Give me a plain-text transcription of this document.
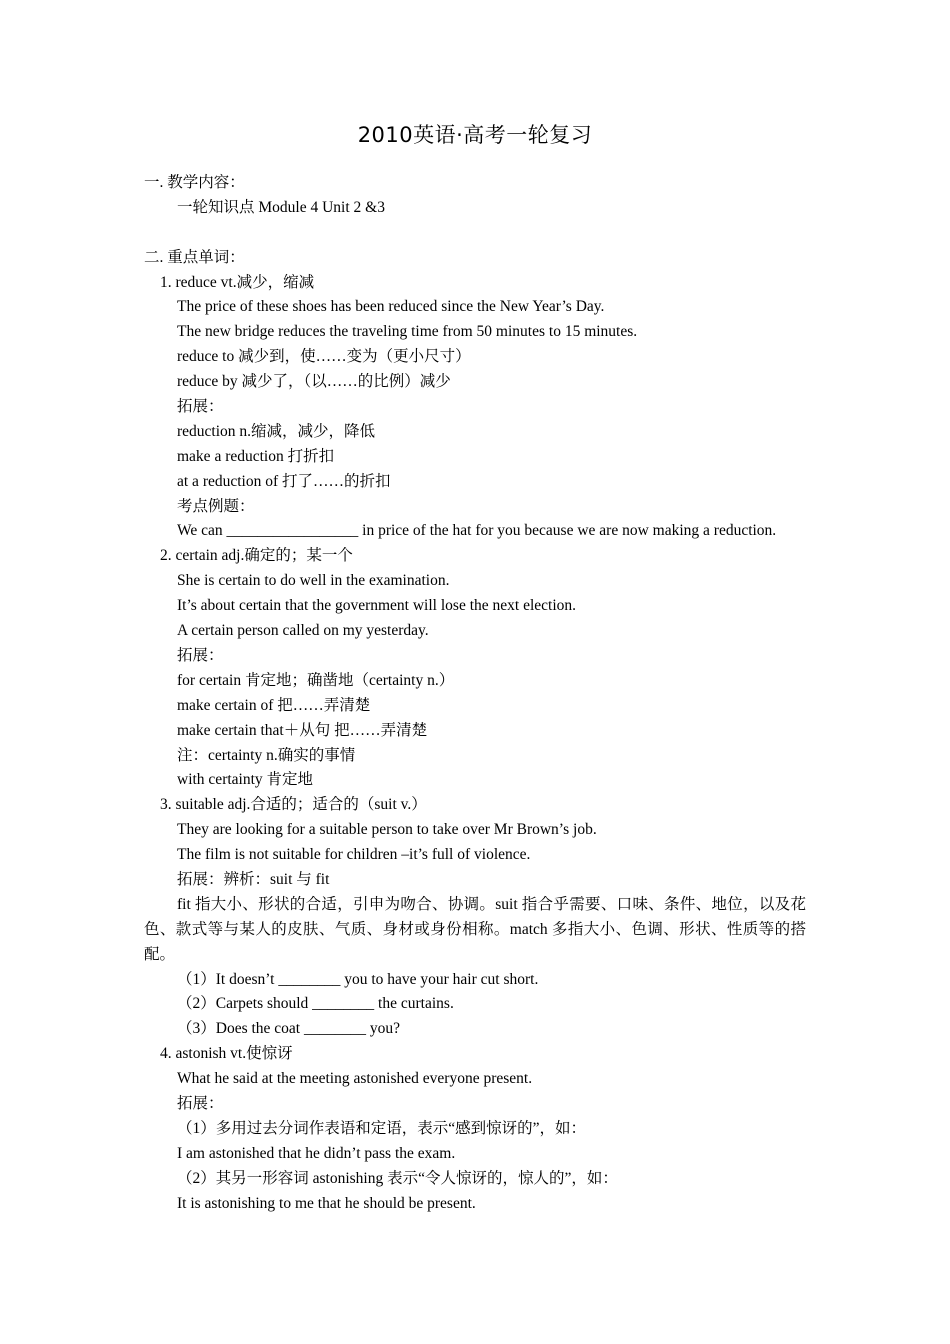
2010英语·高考一轮复习
一. 教学内容：
一轮知识点 Module 4 Unit 2 &3
二. 重点单词：
1. reduce vt.减少，缩减
The price of these shoes has been reduced since the New Year’s Day.
The new bridge reduces the traveling time from 50 minutes to 15 minutes.
reduce to 减少到，使……变为（更小尺寸）
reduce by 减少了，（以……的比例）减少
拓展：
reduction n.缩减，减少，降低
make a reduction 打折扣
at a reduction of 打了……的折扣
考点例题：
We can _________________ in price of the hat for you because we are now making a reduction.
2. certain adj.确定的；某一个
She is certain to do well in the examination.
It’s about certain that the government will lose the next election.
A certain person called on my yesterday.
拓展：
for certain 肯定地；确凿地（certainty n.）
make certain of 把……弄清楚
make certain that＋从句 把……弄清楚
注：certainty n.确实的事情
with certainty 肯定地
3. suitable adj.合适的；适合的（suit v.）
They are looking for a suitable person to take over Mr Brown’s job.
The film is not suitable for children –it’s full of violence.
拓展：辨析：suit 与 fit
fit 指大小、形状的合适，引申为吻合、协调。suit 指合乎需要、口味、条件、地位，以及花色、款式等与某人的皮肤、气质、身材或身份相称。match 多指大小、色调、形状、性质等的搭配。
（1）It doesn’t ________ you to have your hair cut short.
（2）Carpets should ________ the curtains.
（3）Does the coat ________ you?
4. astonish vt.使惊讶
What he said at the meeting astonished everyone present.
拓展：
（1）多用过去分词作表语和定语，表示“感到惊讶的”，如：
I am astonished that he didn’t pass the exam.
（2）其另一形容词 astonishing 表示“令人惊讶的，惊人的”，如：
It is astonishing to me that he should be present.
